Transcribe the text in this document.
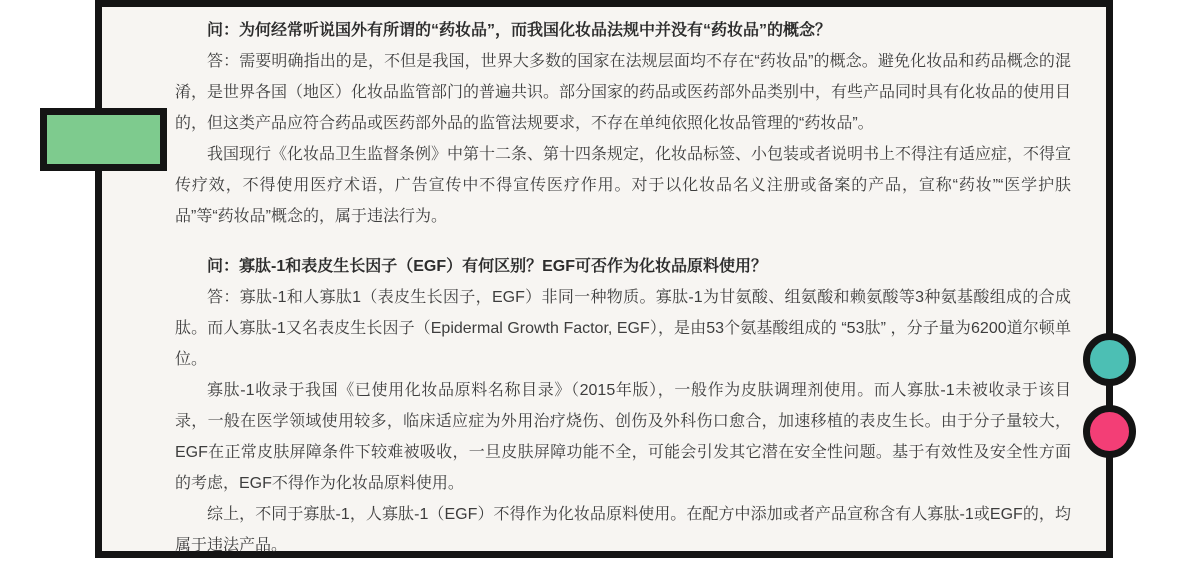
问：为何经常听说国外有所谓的“药妆品”，而我国化妆品法规中并没有“药妆品”的概念？

答：需要明确指出的是，不但是我国，世界大多数的国家在法规层面均不存在“药妆品”的概念。避免化妆品和药品概念的混淆，是世界各国（地区）化妆品监管部门的普遍共识。部分国家的药品或医药部外品类别中，有些产品同时具有化妆品的使用目的，但这类产品应符合药品或医药部外品的监管法规要求，不存在单纯依照化妆品管理的“药妆品”。

我国现行《化妆品卫生监督条例》中第十二条、第十四条规定，化妆品标签、小包装或者说明书上不得注有适应症，不得宣传疗效，不得使用医疗术语，广告宣传中不得宣传医疗作用。对于以化妆品名义注册或备案的产品，宣称“药妆”“医学护肤品”等“药妆品”概念的，属于违法行为。

问：寡肽-1和表皮生长因子（EGF）有何区别？EGF可否作为化妆品原料使用？

答：寡肽-1和人寡肽1（表皮生长因子，EGF）非同一种物质。寡肽-1为甘氨酸、组氨酸和赖氨酸等3种氨基酸组成的合成肽。而人寡肽-1又名表皮生长因子（Epidermal Growth Factor, EGF），是由53个氨基酸组成的 “53肽” ，分子量为6200道尔顿单位。

寡肽-1收录于我国《已使用化妆品原料名称目录》（2015年版），一般作为皮肤调理剂使用。而人寡肽-1未被收录于该目录，一般在医学领域使用较多，临床适应症为外用治疗烧伤、创伤及外科伤口愈合，加速移植的表皮生长。由于分子量较大，EGF在正常皮肤屏障条件下较难被吸收，一旦皮肤屏障功能不全，可能会引发其它潜在安全性问题。基于有效性及安全性方面的考虑，EGF不得作为化妆品原料使用。

综上，不同于寡肽-1，人寡肽-1（EGF）不得作为化妆品原料使用。在配方中添加或者产品宣称含有人寡肽-1或EGF的，均属于违法产品。
